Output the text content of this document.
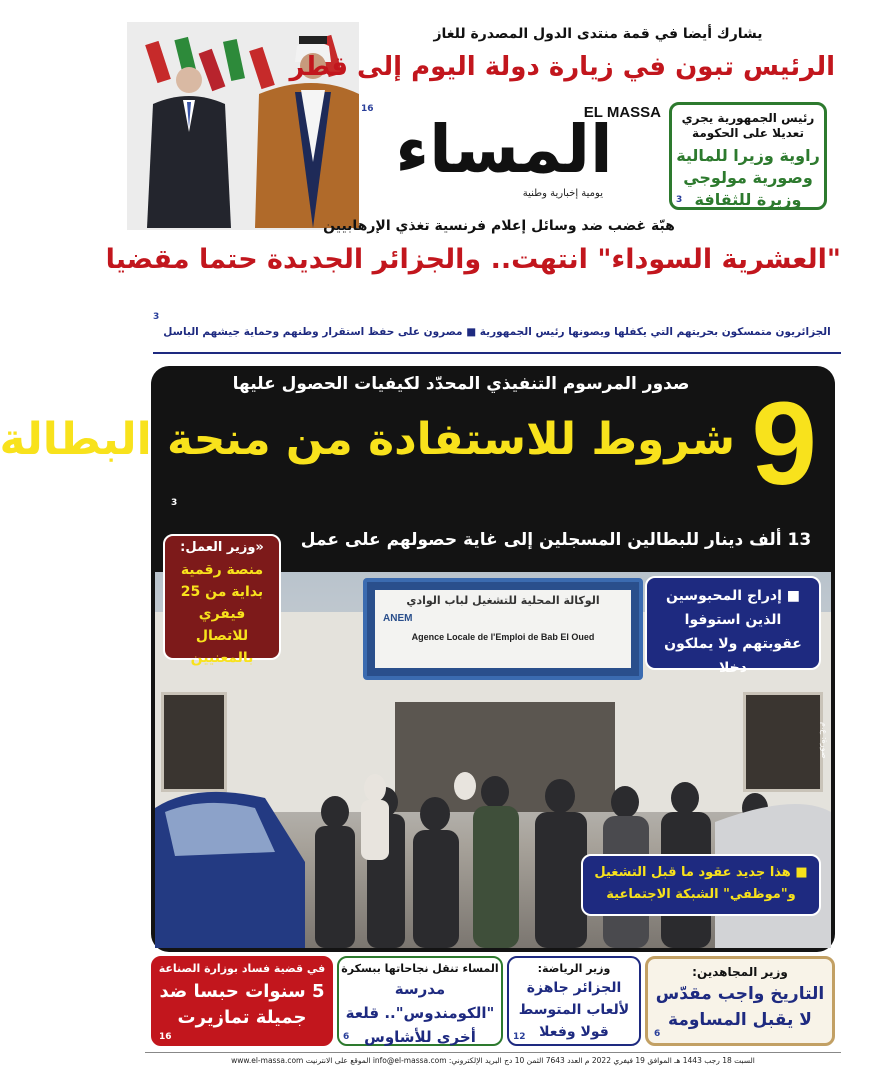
يشارك أيضا في قمة منتدى الدول المصدرة للغاز
الرئيس تبون في زيارة دولة اليوم إلى قطر
EL MASSA
المساء
يومية إخبارية وطنية
16
رئيس الجمهورية يجري تعديلا على الحكومة
راوية وزيرا للمالية وصورية مولوجي وزيرة للثقافة
3
هبّة غضب ضد وسائل إعلام فرنسية تغذي الإرهابيين
"العشرية السوداء" انتهت.. والجزائر الجديدة حتما مقضيا
3
الجزائريون متمسكون بحريتهم التي يكفلها ويصونها رئيس الجمهورية ■ مصرون على حفظ استقرار وطنهم وحماية جيشهم الباسل
صدور المرسوم التنفيذي المحدّد لكيفيات الحصول عليها 9
شروط للاستفادة من منحة البطالة
3
13 ألف دينار للبطالين المسجلين إلى غاية حصولهم على عمل
الوكالة المحلية للتشغيل لباب الوادي
ANEM
Agence Locale de l'Emploi de Bab El Oued
صورة: ع.م
«وزير العمل:
منصة رقمية بداية من 25 فيفري للاتصال بالمعنيين
■ إدراج المحبوسين الذين استوفوا عقوبتهم ولا يملكون دخلا
■ هذا جديد عقود ما قبل التشغيل و"موظفي" الشبكة الاجتماعية
وزير المجاهدين:
التاريخ واجب مقدّس لا يقبل المساومة
6
وزير الرياضة:
الجزائر جاهزة لألعاب المتوسط قولا وفعلا
12
المساء تنقل نجاحاتها ببسكرة
مدرسة "الكومندوس".. قلعة أخرى للأشاوس
6
في قضية فساد بوزارة الصناعة
5 سنوات حبسا ضد جميلة تمازيرت
16
السبت 18 رجب 1443 هـ الموافق 19 فيفري 2022 م العدد 7643 الثمن 10 دج البريد الإلكتروني: info@el-massa.com الموقع على الانترنيت www.el-massa.com
